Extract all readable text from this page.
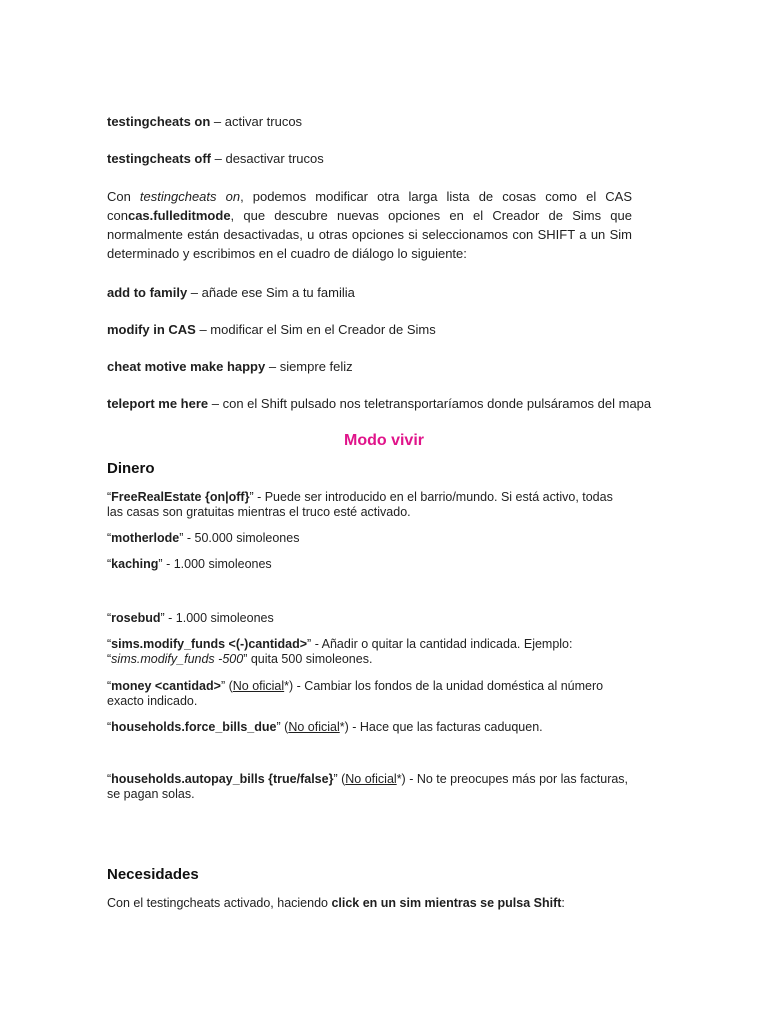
testingcheats on – activar trucos

testingcheats off – desactivar trucos

Con testingcheats on, podemos modificar otra larga lista de cosas como el CAS concas.fulleditmode, que descubre nuevas opciones en el Creador de Sims que normalmente están desactivadas, u otras opciones si seleccionamos con SHIFT a un Sim determinado y escribimos en el cuadro de diálogo lo siguiente:

add to family – añade ese Sim a tu familia

modify in CAS – modificar el Sim en el Creador de Sims

cheat motive make happy – siempre feliz

teleport me here – con el Shift pulsado nos teletransportaríamos donde pulsáramos del mapa

Modo vivir

Dinero

“FreeRealEstate {on|off}” - Puede ser introducido en el barrio/mundo. Si está activo, todas las casas son gratuitas mientras el truco esté activado.

“motherlode” - 50.000 simoleones

“kaching” - 1.000 simoleones

“rosebud” - 1.000 simoleones

“sims.modify_funds <(-)cantidad>” - Añadir o quitar la cantidad indicada. Ejemplo:
“sims.modify_funds -500” quita 500 simoleones.

“money <cantidad>” (No oficial*) - Cambiar los fondos de la unidad doméstica al número exacto indicado.

“households.force_bills_due” (No oficial*) - Hace que las facturas caduquen.

“households.autopay_bills {true/false}” (No oficial*) - No te preocupes más por las facturas, se pagan solas.

Necesidades

Con el testingcheats activado, haciendo click en un sim mientras se pulsa Shift:
